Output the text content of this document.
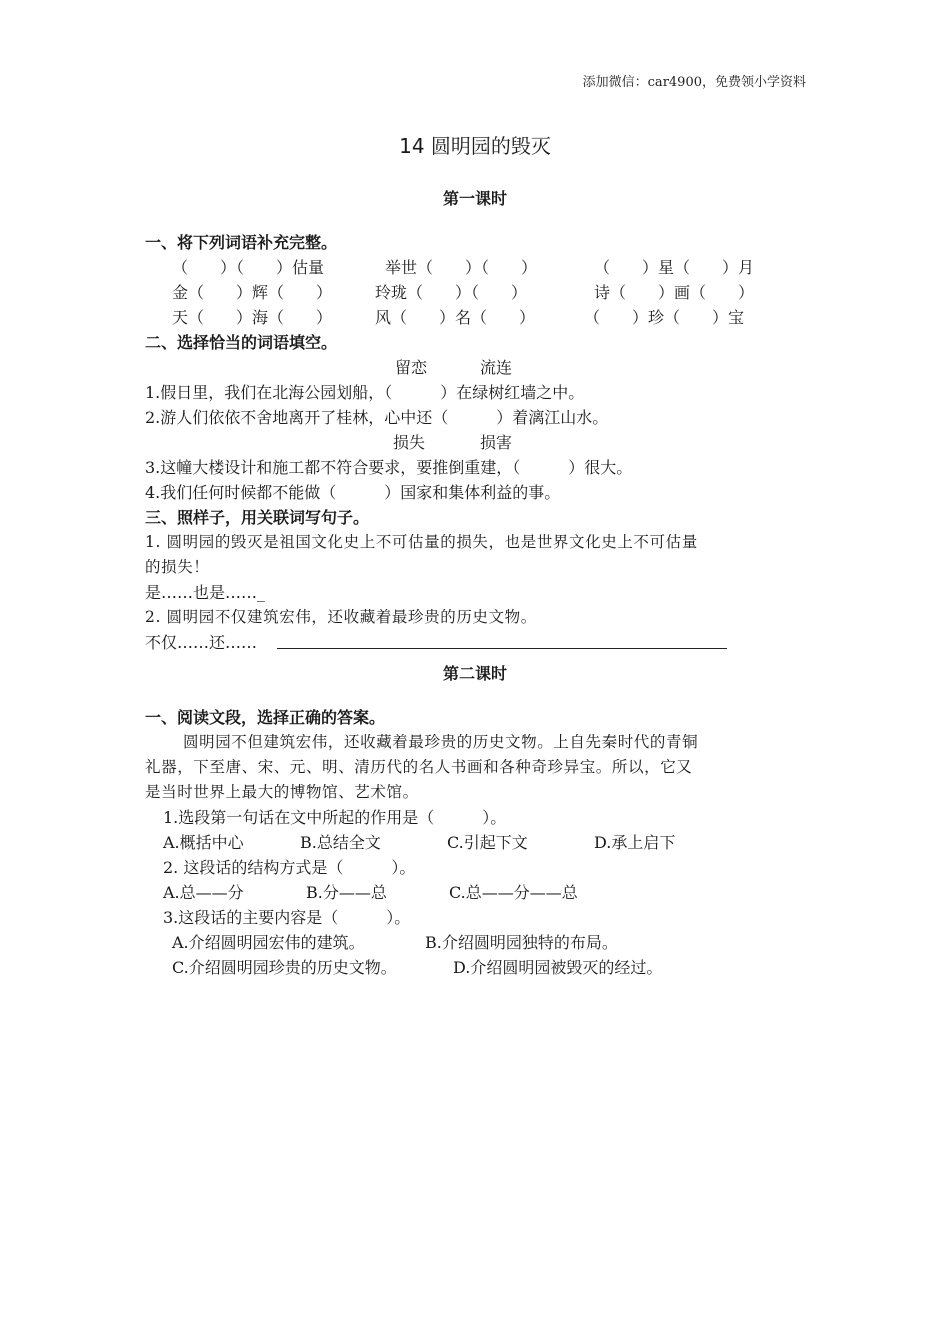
添加微信：car4900，免费领小学资料
14 圆明园的毁灭
第一课时
一、将下列词语补充完整。
（　　）（　　）估量	举世（　　）（　　）	（　　）星（　　）月
金（　　）辉（　　）	玲珑（　　）（　　）	诗（　　）画（　　）
天（　　）海（　　）	风（　　）名（　　）	（　　）珍（　　）宝
二、选择恰当的词语填空。
留恋	流连
1.假日里，我们在北海公园划船，（　　　）在绿树红墙之中。
2.游人们依依不舍地离开了桂林，心中还（　　　）着漓江山水。
损失	损害
3.这幢大楼设计和施工都不符合要求，要推倒重建，（　　　）很大。
4.我们任何时候都不能做（　　　）国家和集体利益的事。
三、照样子，用关联词写句子。
1. 圆明园的毁灭是祖国文化史上不可估量的损失，也是世界文化史上不可估量
的损失！
是……也是……_
2. 圆明园不仅建筑宏伟，还收藏着最珍贵的历史文物。
不仅……还……
第二课时
一、阅读文段，选择正确的答案。
圆明园不但建筑宏伟，还收藏着最珍贵的历史文物。上自先秦时代的青铜
礼器，下至唐、宋、元、明、清历代的名人书画和各种奇珍异宝。所以，它又
是当时世界上最大的博物馆、艺术馆。
1.选段第一句话在文中所起的作用是（　　　）。
A.概括中心	B.总结全文	C.引起下文	D.承上启下
2. 这段话的结构方式是（　　　）。
A.总——分	B.分——总	C.总——分——总
3.这段话的主要内容是（　　　）。
A.介绍圆明园宏伟的建筑。	B.介绍圆明园独特的布局。
C.介绍圆明园珍贵的历史文物。	D.介绍圆明园被毁灭的经过。
